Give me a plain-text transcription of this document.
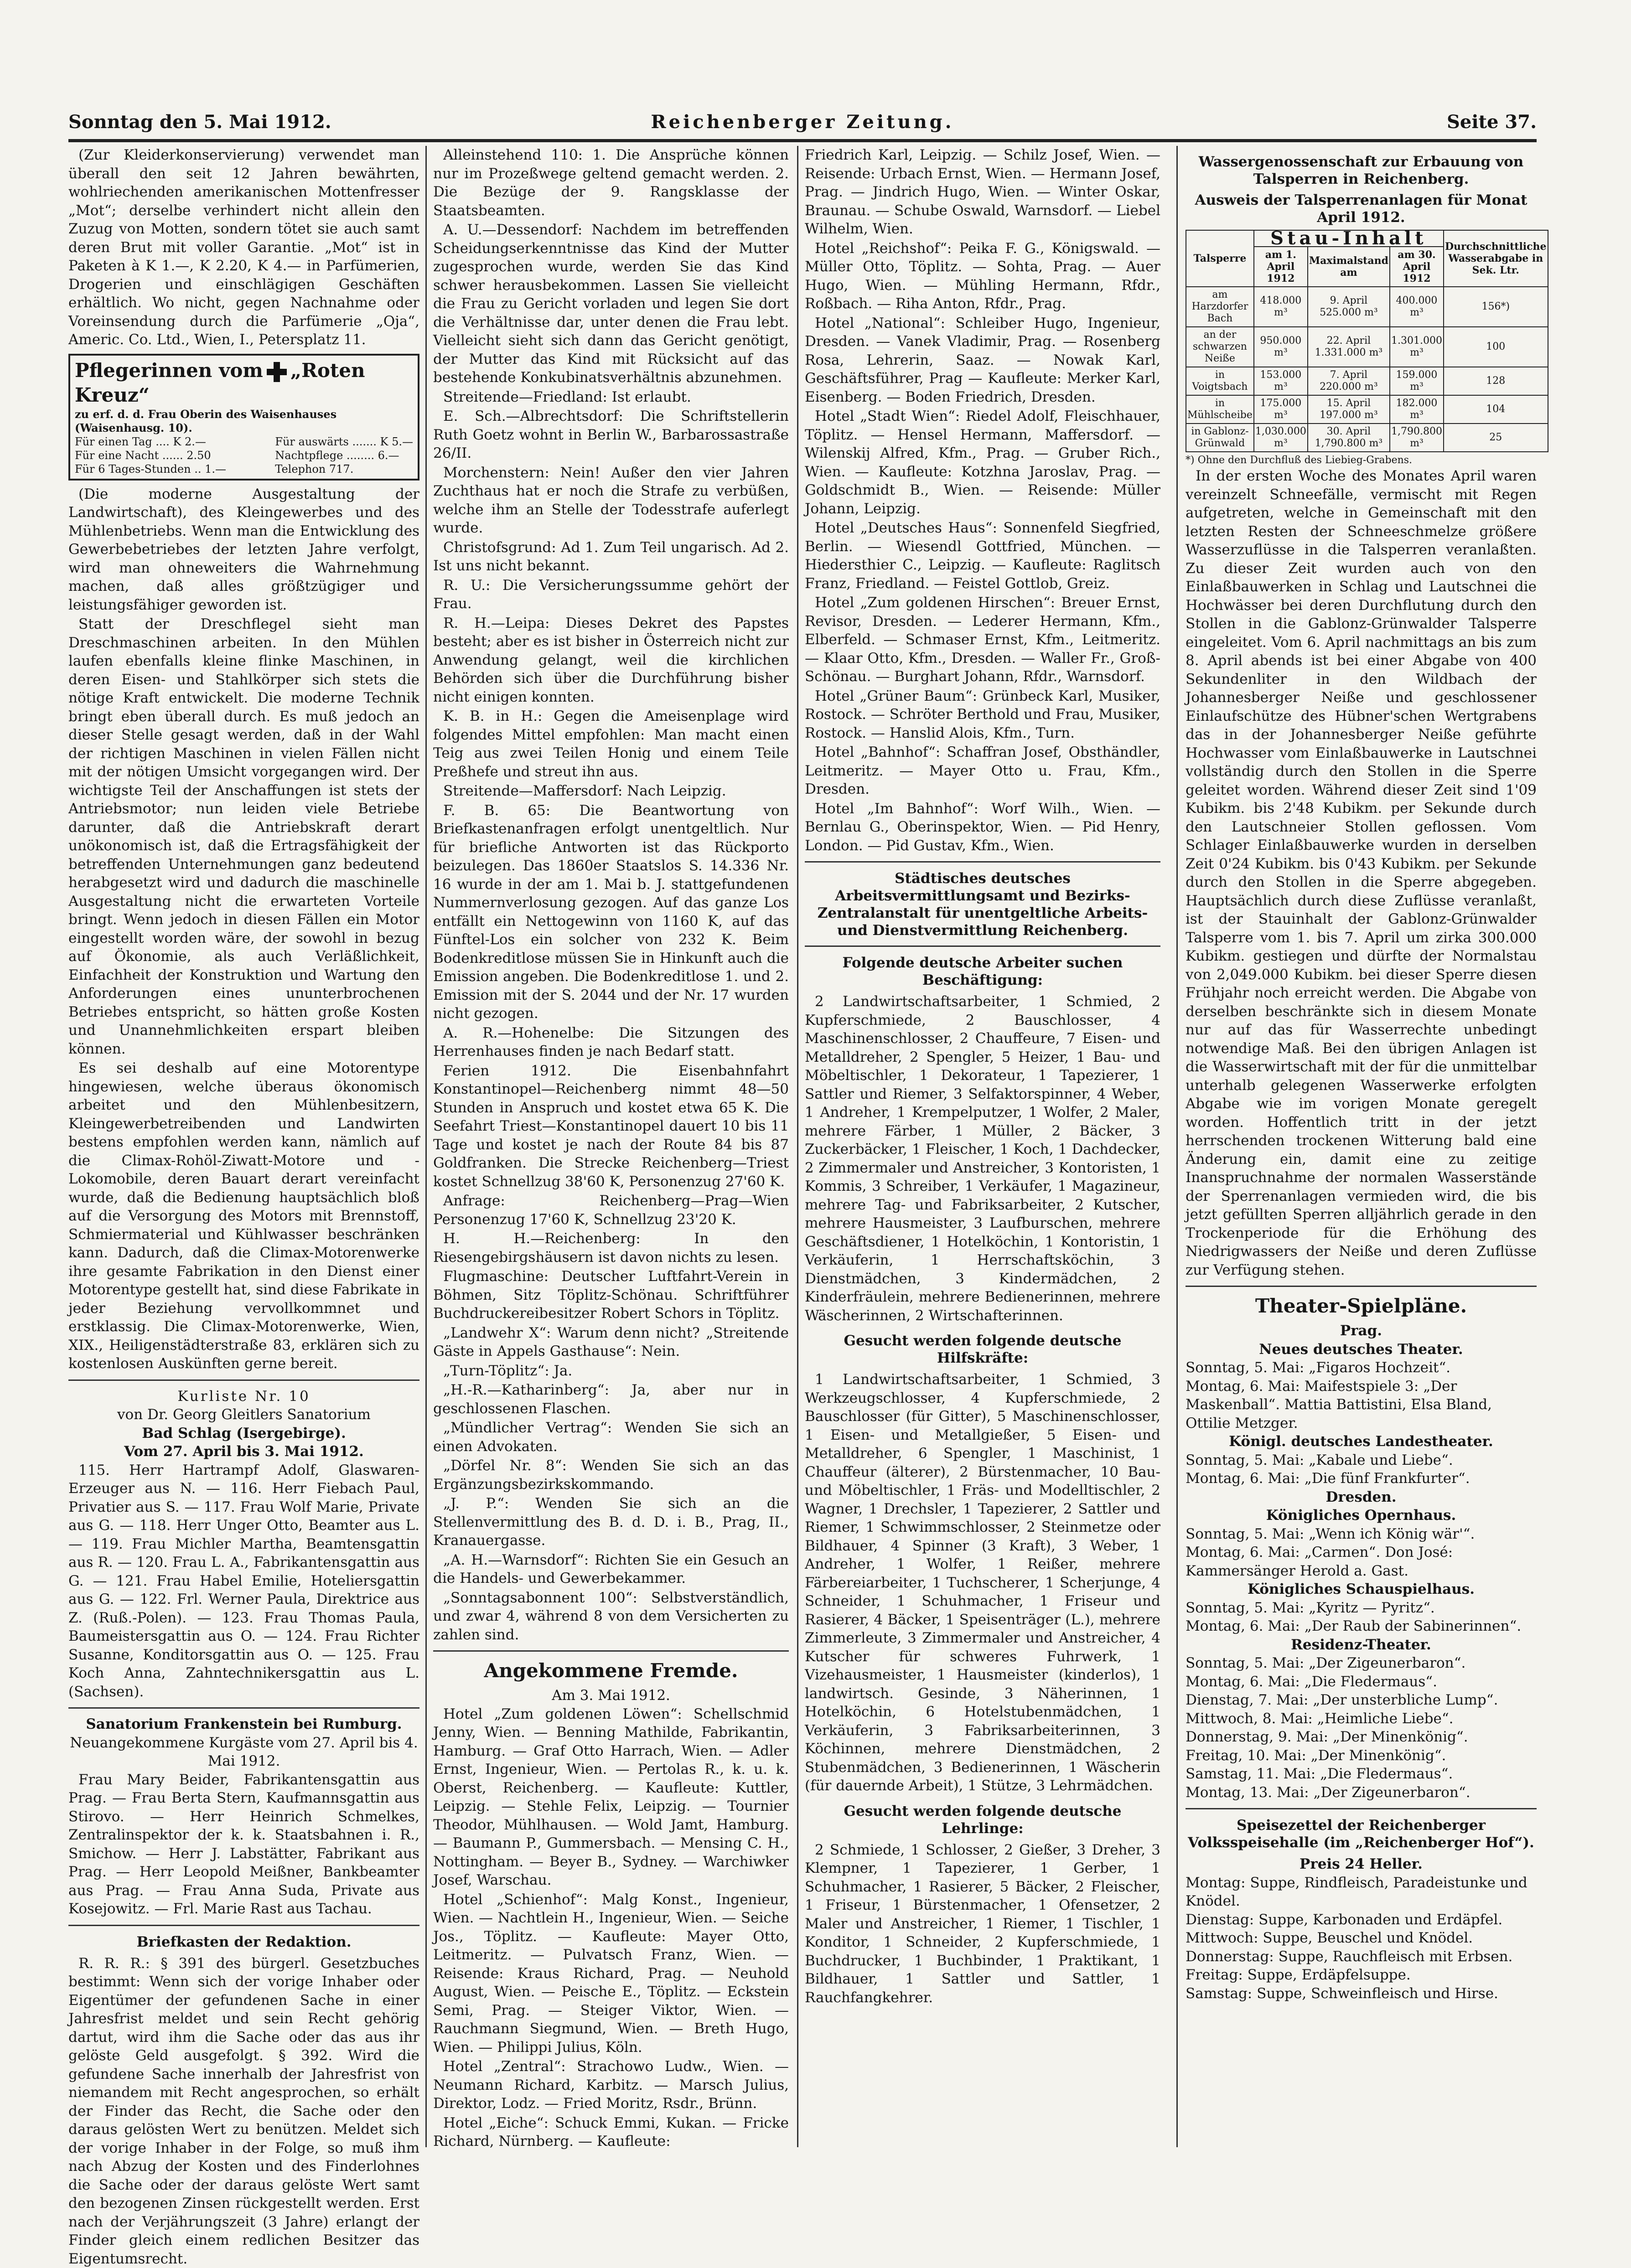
Sonntag den 5. Mai 1912.	Reichenberger Zeitung.	Seite 37.

(Zur Kleiderkonservierung) verwendet man überall den seit 12 Jahren bewährten, wohlriechenden amerikanischen Mottenfresser „Mot“; derselbe verhindert nicht allein den Zuzug von Motten, sondern tötet sie auch samt deren Brut mit voller Garantie. „Mot“ ist in Paketen à K 1.—, K 2.20, K 4.— in Parfümerien, Drogerien und einschlägigen Geschäften erhältlich. Wo nicht, gegen Nachnahme oder Voreinsendung durch die Parfümerie „Oja“, Americ. Co. Ltd., Wien, I., Petersplatz 11.

Pflegerinnen vom „Roten Kreuz“
zu erf. d. d. Frau Oberin des Waisenhauses (Waisenhausg. 10).
Für einen Tag .... K 2.—
Für eine Nacht ...... 2.50
Für 6 Tages-Stunden .. 1.—
Für auswärts ....... K 5.—
Nachtpflege ........ 6.—
Telephon 717.

(Die moderne Ausgestaltung der Landwirtschaft), des Kleingewerbes und des Mühlenbetriebs. Wenn man die Entwicklung des Gewerbebetriebes der letzten Jahre verfolgt, wird man ohneweiters die Wahrnehmung machen, daß alles größtzügiger und leistungsfähiger geworden ist.

Statt der Dreschflegel sieht man Dreschmaschinen arbeiten. In den Mühlen laufen ebenfalls kleine flinke Maschinen, in deren Eisen- und Stahlkörper sich stets die nötige Kraft entwickelt. Die moderne Technik bringt eben überall durch. Es muß jedoch an dieser Stelle gesagt werden, daß in der Wahl der richtigen Maschinen in vielen Fällen nicht mit der nötigen Umsicht vorgegangen wird. Der wichtigste Teil der Anschaffungen ist stets der Antriebsmotor; nun leiden viele Betriebe darunter, daß die Antriebskraft derart unökonomisch ist, daß die Ertragsfähigkeit der betreffenden Unternehmungen ganz bedeutend herabgesetzt wird und dadurch die maschinelle Ausgestaltung nicht die erwarteten Vorteile bringt. Wenn jedoch in diesen Fällen ein Motor eingestellt worden wäre, der sowohl in bezug auf Ökonomie, als auch Verläßlichkeit, Einfachheit der Konstruktion und Wartung den Anforderungen eines ununterbrochenen Betriebes entspricht, so hätten große Kosten und Unannehmlichkeiten erspart bleiben können.

Es sei deshalb auf eine Motorentype hingewiesen, welche überaus ökonomisch arbeitet und den Mühlenbesitzern, Kleingewerbetreibenden und Landwirten bestens empfohlen werden kann, nämlich auf die Climax-Rohöl-Ziwatt-Motore und -Lokomobile, deren Bauart derart vereinfacht wurde, daß die Bedienung hauptsächlich bloß auf die Versorgung des Motors mit Brennstoff, Schmiermaterial und Kühlwasser beschränken kann. Dadurch, daß die Climax-Motorenwerke ihre gesamte Fabrikation in den Dienst einer Motorentype gestellt hat, sind diese Fabrikate in jeder Beziehung vervollkommnet und erstklassig. Die Climax-Motorenwerke, Wien, XIX., Heiligenstädterstraße 83, erklären sich zu kostenlosen Auskünften gerne bereit.

Kurliste Nr. 10
von Dr. Georg Gleitlers Sanatorium
Bad Schlag (Isergebirge).
Vom 27. April bis 3. Mai 1912.

115. Herr Hartrampf Adolf, Glaswaren-Erzeuger aus N. — 116. Herr Fiebach Paul, Privatier aus S. — 117. Frau Wolf Marie, Private aus G. — 118. Herr Unger Otto, Beamter aus L. — 119. Frau Michler Martha, Beamtensgattin aus R. — 120. Frau L. A., Fabrikantensgattin aus G. — 121. Frau Habel Emilie, Hoteliersgattin aus G. — 122. Frl. Werner Paula, Direktrice aus Z. (Ruß.-Polen). — 123. Frau Thomas Paula, Baumeistersgattin aus O. — 124. Frau Richter Susanne, Konditorsgattin aus O. — 125. Frau Koch Anna, Zahntechnikersgattin aus L. (Sachsen).

Sanatorium Frankenstein bei Rumburg.
Neuangekommene Kurgäste vom 27. April bis 4. Mai 1912.

Frau Mary Beider, Fabrikantensgattin aus Prag. — Frau Berta Stern, Kaufmannsgattin aus Stirovo. — Herr Heinrich Schmelkes, Zentralinspektor der k. k. Staatsbahnen i. R., Smichow. — Herr J. Labstätter, Fabrikant aus Prag. — Herr Leopold Meißner, Bankbeamter aus Prag. — Frau Anna Suda, Private aus Kosejowitz. — Frl. Marie Rast aus Tachau.

Briefkasten der Redaktion.

R. R. R.: § 391 des bürgerl. Gesetzbuches bestimmt: Wenn sich der vorige Inhaber oder Eigentümer der gefundenen Sache in einer Jahresfrist meldet und sein Recht gehörig dartut, wird ihm die Sache oder das aus ihr gelöste Geld ausgefolgt. § 392. Wird die gefundene Sache innerhalb der Jahresfrist von niemandem mit Recht angesprochen, so erhält der Finder das Recht, die Sache oder den daraus gelösten Wert zu benützen. Meldet sich der vorige Inhaber in der Folge, so muß ihm nach Abzug der Kosten und des Finderlohnes die Sache oder der daraus gelöste Wert samt den bezogenen Zinsen rückgestellt werden. Erst nach der Verjährungszeit (3 Jahre) erlangt der Finder gleich einem redlichen Besitzer das Eigentumsrecht.

Alleinstehend 110: 1. Die Ansprüche können nur im Prozeßwege geltend gemacht werden. 2. Die Bezüge der 9. Rangsklasse der Staatsbeamten.

A. U.—Dessendorf: Nachdem im betreffenden Scheidungserkenntnisse das Kind der Mutter zugesprochen wurde, werden Sie das Kind schwer herausbekommen. Lassen Sie vielleicht die Frau zu Gericht vorladen und legen Sie dort die Verhältnisse dar, unter denen die Frau lebt. Vielleicht sieht sich dann das Gericht genötigt, der Mutter das Kind mit Rücksicht auf das bestehende Konkubinatsverhältnis abzunehmen.

Streitende—Friedland: Ist erlaubt.

E. Sch.—Albrechtsdorf: Die Schriftstellerin Ruth Goetz wohnt in Berlin W., Barbarossastraße 26/II.

Morchenstern: Nein! Außer den vier Jahren Zuchthaus hat er noch die Strafe zu verbüßen, welche ihm an Stelle der Todesstrafe auferlegt wurde.

Christofsgrund: Ad 1. Zum Teil ungarisch. Ad 2. Ist uns nicht bekannt.

R. U.: Die Versicherungssumme gehört der Frau.

R. H.—Leipa: Dieses Dekret des Papstes besteht; aber es ist bisher in Österreich nicht zur Anwendung gelangt, weil die kirchlichen Behörden sich über die Durchführung bisher nicht einigen konnten.

K. B. in H.: Gegen die Ameisenplage wird folgendes Mittel empfohlen: Man macht einen Teig aus zwei Teilen Honig und einem Teile Preßhefe und streut ihn aus.

Streitende—Maffersdorf: Nach Leipzig.

F. B. 65: Die Beantwortung von Briefkastenanfragen erfolgt unentgeltlich. Nur für briefliche Antworten ist das Rückporto beizulegen. Das 1860er Staatslos S. 14.336 Nr. 16 wurde in der am 1. Mai b. J. stattgefundenen Nummernverlosung gezogen. Auf das ganze Los entfällt ein Nettogewinn von 1160 K, auf das Fünftel-Los ein solcher von 232 K. Beim Bodenkreditlose müssen Sie in Hinkunft auch die Emission angeben. Die Bodenkreditlose 1. und 2. Emission mit der S. 2044 und der Nr. 17 wurden nicht gezogen.

A. R.—Hohenelbe: Die Sitzungen des Herrenhauses finden je nach Bedarf statt.

Ferien 1912. Die Eisenbahnfahrt Konstantinopel—Reichenberg nimmt 48—50 Stunden in Anspruch und kostet etwa 65 K. Die Seefahrt Triest—Konstantinopel dauert 10 bis 11 Tage und kostet je nach der Route 84 bis 87 Goldfranken. Die Strecke Reichenberg—Triest kostet Schnellzug 38'60 K, Personenzug 27'60 K.

Anfrage: Reichenberg—Prag—Wien Personenzug 17'60 K, Schnellzug 23'20 K.

H. H.—Reichenberg: In den Riesengebirgshäusern ist davon nichts zu lesen.

Flugmaschine: Deutscher Luftfahrt-Verein in Böhmen, Sitz Töplitz-Schönau. Schriftführer Buchdruckereibesitzer Robert Schors in Töplitz.

„Landwehr X“: Warum denn nicht? „Streitende Gäste in Appels Gasthause“: Nein.

„Turn-Töplitz“: Ja.

„H.-R.—Katharinberg“: Ja, aber nur in geschlossenen Flaschen.

„Mündlicher Vertrag“: Wenden Sie sich an einen Advokaten.

„Dörfel Nr. 8“: Wenden Sie sich an das Ergänzungsbezirkskommando.

„J. P.“: Wenden Sie sich an die Stellenvermittlung des B. d. D. i. B., Prag, II., Kranauergasse.

„A. H.—Warnsdorf“: Richten Sie ein Gesuch an die Handels- und Gewerbekammer.

„Sonntagsabonnent 100“: Selbstverständlich, und zwar 4, während 8 von dem Versicherten zu zahlen sind.

Angekommene Fremde.
Am 3. Mai 1912.

Hotel „Zum goldenen Löwen“: Schellschmid Jenny, Wien. — Benning Mathilde, Fabrikantin, Hamburg. — Graf Otto Harrach, Wien. — Adler Ernst, Ingenieur, Wien. — Pertolas R., k. u. k. Oberst, Reichenberg. — Kaufleute: Kuttler, Leipzig. — Stehle Felix, Leipzig. — Tournier Theodor, Mühlhausen. — Wold Jamt, Hamburg. — Baumann P., Gummersbach. — Mensing C. H., Nottingham. — Beyer B., Sydney. — Warchiwker Josef, Warschau.

Hotel „Schienhof“: Malg Konst., Ingenieur, Wien. — Nachtlein H., Ingenieur, Wien. — Seiche Jos., Töplitz. — Kaufleute: Mayer Otto, Leitmeritz. — Pulvatsch Franz, Wien. — Reisende: Kraus Richard, Prag. — Neuhold August, Wien. — Peische E., Töplitz. — Eckstein Semi, Prag. — Steiger Viktor, Wien. — Rauchmann Siegmund, Wien. — Breth Hugo, Wien. — Philippi Julius, Köln.

Hotel „Zentral“: Strachowo Ludw., Wien. — Neumann Richard, Karbitz. — Marsch Julius, Direktor, Lodz. — Fried Moritz, Rsdr., Brünn.

Hotel „Eiche“: Schuck Emmi, Kukan. — Fricke Richard, Nürnberg. — Kaufleute:

Friedrich Karl, Leipzig. — Schilz Josef, Wien. — Reisende: Urbach Ernst, Wien. — Hermann Josef, Prag. — Jindrich Hugo, Wien. — Winter Oskar, Braunau. — Schube Oswald, Warnsdorf. — Liebel Wilhelm, Wien.

Hotel „Reichshof“: Peika F. G., Königswald. — Müller Otto, Töplitz. — Sohta, Prag. — Auer Hugo, Wien. — Mühling Hermann, Rfdr., Roßbach. — Riha Anton, Rfdr., Prag.

Hotel „National“: Schleiber Hugo, Ingenieur, Dresden. — Vanek Vladimir, Prag. — Rosenberg Rosa, Lehrerin, Saaz. — Nowak Karl, Geschäftsführer, Prag — Kaufleute: Merker Karl, Eisenberg. — Boden Friedrich, Dresden.

Hotel „Stadt Wien“: Riedel Adolf, Fleischhauer, Töplitz. — Hensel Hermann, Maffersdorf. — Wilenskij Alfred, Kfm., Prag. — Gruber Rich., Wien. — Kaufleute: Kotzhna Jaroslav, Prag. — Goldschmidt B., Wien. — Reisende: Müller Johann, Leipzig.

Hotel „Deutsches Haus“: Sonnenfeld Siegfried, Berlin. — Wiesendl Gottfried, München. — Hiedersthier C., Leipzig. — Kaufleute: Raglitsch Franz, Friedland. — Feistel Gottlob, Greiz.

Hotel „Zum goldenen Hirschen“: Breuer Ernst, Revisor, Dresden. — Lederer Hermann, Kfm., Elberfeld. — Schmaser Ernst, Kfm., Leitmeritz. — Klaar Otto, Kfm., Dresden. — Waller Fr., Groß-Schönau. — Burghart Johann, Rfdr., Warnsdorf.

Hotel „Grüner Baum“: Grünbeck Karl, Musiker, Rostock. — Schröter Berthold und Frau, Musiker, Rostock. — Hanslid Alois, Kfm., Turn.

Hotel „Bahnhof“: Schaffran Josef, Obsthändler, Leitmeritz. — Mayer Otto u. Frau, Kfm., Dresden.

Hotel „Im Bahnhof“: Worf Wilh., Wien. — Bernlau G., Oberinspektor, Wien. — Pid Henry, London. — Pid Gustav, Kfm., Wien.

Städtisches deutsches Arbeitsvermittlungsamt und Bezirks-Zentralanstalt für unentgeltliche Arbeits- und Dienstvermittlung Reichenberg.
Folgende deutsche Arbeiter suchen Beschäftigung:

2 Landwirtschaftsarbeiter, 1 Schmied, 2 Kupferschmiede, 2 Bauschlosser, 4 Maschinenschlosser, 2 Chauffeure, 7 Eisen- und Metalldreher, 2 Spengler, 5 Heizer, 1 Bau- und Möbeltischler, 1 Dekorateur, 1 Tapezierer, 1 Sattler und Riemer, 3 Selfaktorspinner, 4 Weber, 1 Andreher, 1 Krempelputzer, 1 Wolfer, 2 Maler, mehrere Färber, 1 Müller, 2 Bäcker, 3 Zuckerbäcker, 1 Fleischer, 1 Koch, 1 Dachdecker, 2 Zimmermaler und Anstreicher, 3 Kontoristen, 1 Kommis, 3 Schreiber, 1 Verkäufer, 1 Magazineur, mehrere Tag- und Fabriksarbeiter, 2 Kutscher, mehrere Hausmeister, 3 Laufburschen, mehrere Geschäftsdiener, 1 Hotelköchin, 1 Kontoristin, 1 Verkäuferin, 1 Herrschaftsköchin, 3 Dienstmädchen, 3 Kindermädchen, 2 Kinderfräulein, mehrere Bedienerinnen, mehrere Wäscherinnen, 2 Wirtschafterinnen.

Gesucht werden folgende deutsche Hilfskräfte:

1 Landwirtschaftsarbeiter, 1 Schmied, 3 Werkzeugschlosser, 4 Kupferschmiede, 2 Bauschlosser (für Gitter), 5 Maschinenschlosser, 1 Eisen- und Metallgießer, 5 Eisen- und Metalldreher, 6 Spengler, 1 Maschinist, 1 Chauffeur (älterer), 2 Bürstenmacher, 10 Bau- und Möbeltischler, 1 Fräs- und Modelltischler, 2 Wagner, 1 Drechsler, 1 Tapezierer, 2 Sattler und Riemer, 1 Schwimmschlosser, 2 Steinmetze oder Bildhauer, 4 Spinner (3 Kraft), 3 Weber, 1 Andreher, 1 Wolfer, 1 Reißer, mehrere Färbereiarbeiter, 1 Tuchscherer, 1 Scherjunge, 4 Schneider, 1 Schuhmacher, 1 Friseur und Rasierer, 4 Bäcker, 1 Speisenträger (L.), mehrere Zimmerleute, 3 Zimmermaler und Anstreicher, 4 Kutscher für schweres Fuhrwerk, 1 Vizehausmeister, 1 Hausmeister (kinderlos), 1 landwirtsch. Gesinde, 3 Näherinnen, 1 Hotelköchin, 6 Hotelstubenmädchen, 1 Verkäuferin, 3 Fabriksarbeiterinnen, 3 Köchinnen, mehrere Dienstmädchen, 2 Stubenmädchen, 3 Bedienerinnen, 1 Wäscherin (für dauernde Arbeit), 1 Stütze, 3 Lehrmädchen.

Gesucht werden folgende deutsche Lehrlinge:

2 Schmiede, 1 Schlosser, 2 Gießer, 3 Dreher, 3 Klempner, 1 Tapezierer, 1 Gerber, 1 Schuhmacher, 1 Rasierer, 5 Bäcker, 2 Fleischer, 1 Friseur, 1 Bürstenmacher, 1 Ofensetzer, 2 Maler und Anstreicher, 1 Riemer, 1 Tischler, 1 Konditor, 1 Schneider, 2 Kupferschmiede, 1 Buchdrucker, 1 Buchbinder, 1 Praktikant, 1 Bildhauer, 1 Sattler und Sattler, 1 Rauchfangkehrer.

Wassergenossenschaft zur Erbauung von Talsperren in Reichenberg.
Ausweis der Talsperrenanlagen für Monat April 1912.
Talsperre	Stau-Inhalt			Durchschnittliche Wasserabgabe in Sek. Ltr.
	am 1. April 1912	Maximalstand am	am 30. April 1912	
am Harzdorfer Bach	418.000 m³	9. April 525.000 m³	400.000 m³	156*)
an der schwarzen Neiße	950.000 m³	22. April 1.331.000 m³	1.301.000 m³	100
in Voigtsbach	153.000 m³	7. April 220.000 m³	159.000 m³	128
in Mühlscheibe	175.000 m³	15. April 197.000 m³	182.000 m³	104
in Gablonz-Grünwald	1,030.000 m³	30. April 1,790.800 m³	1,790.800 m³	25
*) Ohne den Durchfluß des Liebieg-Grabens.

In der ersten Woche des Monates April waren vereinzelt Schneefälle, vermischt mit Regen aufgetreten, welche in Gemeinschaft mit den letzten Resten der Schneeschmelze größere Wasserzuflüsse in die Talsperren veranlaßten. Zu dieser Zeit wurden auch von den Einlaßbauwerken in Schlag und Lautschnei die Hochwässer bei deren Durchflutung durch den Stollen in die Gablonz-Grünwalder Talsperre eingeleitet. Vom 6. April nachmittags an bis zum 8. April abends ist bei einer Abgabe von 400 Sekundenliter in den Wildbach der Johannesberger Neiße und geschlossener Einlaufschütze des Hübner'schen Wertgrabens das in der Johannesberger Neiße geführte Hochwasser vom Einlaßbauwerke in Lautschnei vollständig durch den Stollen in die Sperre geleitet worden. Während dieser Zeit sind 1'09 Kubikm. bis 2'48 Kubikm. per Sekunde durch den Lautschneier Stollen geflossen. Vom Schlager Einlaßbauwerke wurden in derselben Zeit 0'24 Kubikm. bis 0'43 Kubikm. per Sekunde durch den Stollen in die Sperre abgegeben. Hauptsächlich durch diese Zuflüsse veranlaßt, ist der Stauinhalt der Gablonz-Grünwalder Talsperre vom 1. bis 7. April um zirka 300.000 Kubikm. gestiegen und dürfte der Normalstau von 2,049.000 Kubikm. bei dieser Sperre diesen Frühjahr noch erreicht werden. Die Abgabe von derselben beschränkte sich in diesem Monate nur auf das für Wasserrechte unbedingt notwendige Maß. Bei den übrigen Anlagen ist die Wasserwirtschaft mit der für die unmittelbar unterhalb gelegenen Wasserwerke erfolgten Abgabe wie im vorigen Monate geregelt worden. Hoffentlich tritt in der jetzt herrschenden trockenen Witterung bald eine Änderung ein, damit eine zu zeitige Inanspruchnahme der normalen Wasserstände der Sperrenanlagen vermieden wird, die bis jetzt gefüllten Sperren alljährlich gerade in den Trockenperiode für die Erhöhung des Niedrigwassers der Neiße und deren Zuflüsse zur Verfügung stehen.

Theater-Spielpläne.
Prag.
Neues deutsches Theater.
Sonntag, 5. Mai: „Figaros Hochzeit“.
Montag, 6. Mai: Maifestspiele 3: „Der Maskenball“. Mattia Battistini, Elsa Bland, Ottilie Metzger.
Königl. deutsches Landestheater.
Sonntag, 5. Mai: „Kabale und Liebe“.
Montag, 6. Mai: „Die fünf Frankfurter“.
Dresden.
Königliches Opernhaus.
Sonntag, 5. Mai: „Wenn ich König wär'“.
Montag, 6. Mai: „Carmen“. Don José: Kammersänger Herold a. Gast.
Königliches Schauspielhaus.
Sonntag, 5. Mai: „Kyritz — Pyritz“.
Montag, 6. Mai: „Der Raub der Sabinerinnen“.
Residenz-Theater.
Sonntag, 5. Mai: „Der Zigeunerbaron“.
Montag, 6. Mai: „Die Fledermaus“.
Dienstag, 7. Mai: „Der unsterbliche Lump“.
Mittwoch, 8. Mai: „Heimliche Liebe“.
Donnerstag, 9. Mai: „Der Minenkönig“.
Freitag, 10. Mai: „Der Minenkönig“.
Samstag, 11. Mai: „Die Fledermaus“.
Montag, 13. Mai: „Der Zigeunerbaron“.
Speisezettel der Reichenberger Volksspeisehalle (im „Reichenberger Hof“).
Preis 24 Heller.
Montag: Suppe, Rindfleisch, Paradeistunke und Knödel.
Dienstag: Suppe, Karbonaden und Erdäpfel.
Mittwoch: Suppe, Beuschel und Knödel.
Donnerstag: Suppe, Rauchfleisch mit Erbsen.
Freitag: Suppe, Erdäpfelsuppe.
Samstag: Suppe, Schweinfleisch und Hirse.
